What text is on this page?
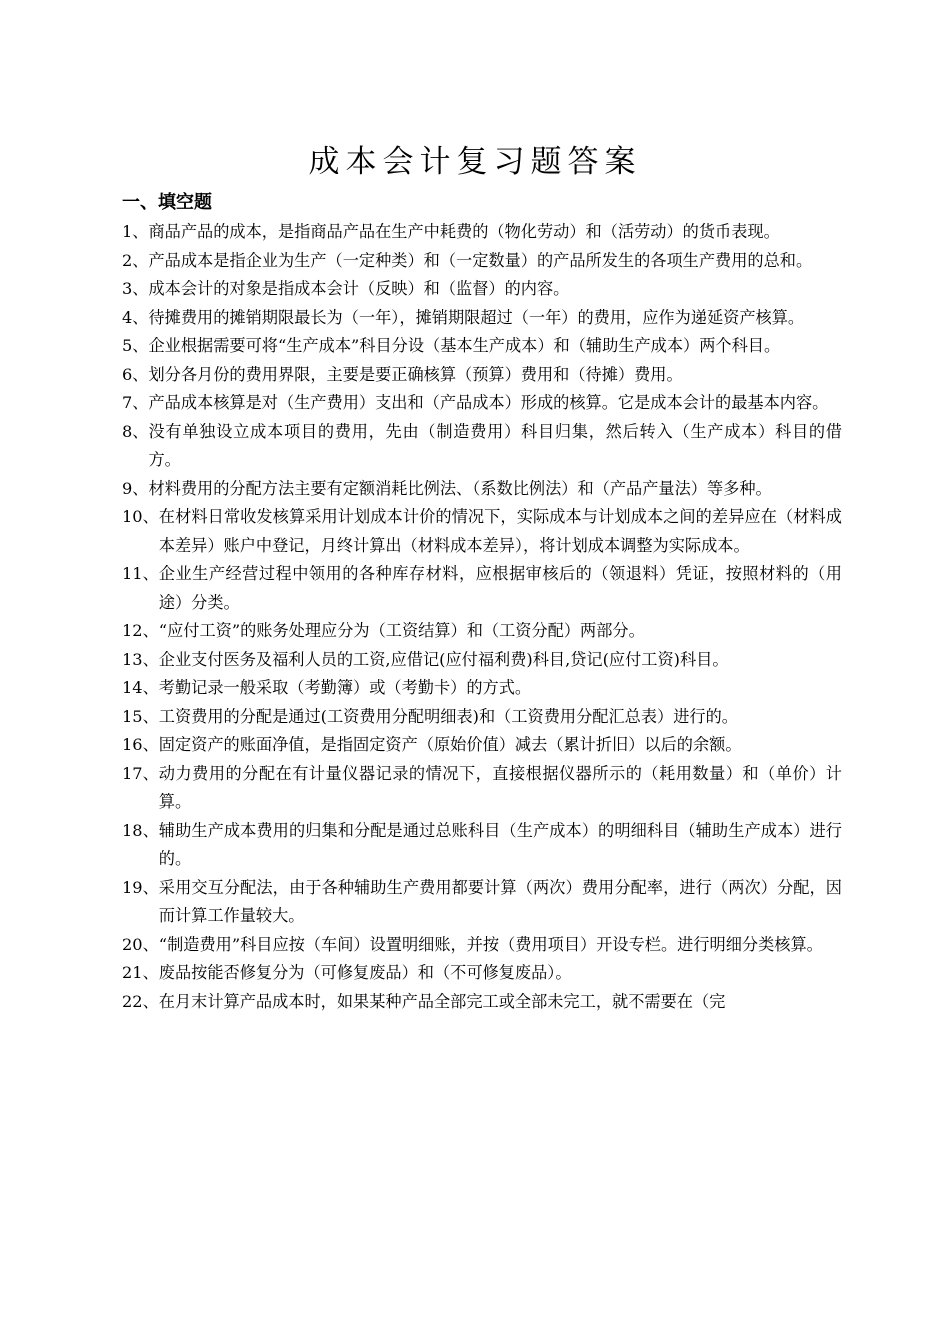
成本会计复习题答案
一、填空题
1、 商品产品的成本，是指商品产品在生产中耗费的（物化劳动）和（活劳动）的货币表现。
2、 产品成本是指企业为生产（一定种类）和（一定数量）的产品所发生的各项生产费用的总和。
3、 成本会计的对象是指成本会计（反映）和（监督）的内容。
4、 待摊费用的摊销期限最长为（一年），摊销期限超过（一年）的费用，应作为递延资产核算。
5、 企业根据需要可将“生产成本”科目分设（基本生产成本）和（辅助生产成本）两个科目。
6、 划分各月份的费用界限，主要是要正确核算（预算）费用和（待摊）费用。
7、 产品成本核算是对（生产费用）支出和（产品成本）形成的核算。它是成本会计的最基本内容。
8、 没有单独设立成本项目的费用，先由（制造费用）科目归集，然后转入（生产成本）科目的借方。
9、 材料费用的分配方法主要有定额消耗比例法、（系数比例法）和（产品产量法）等多种。
10、 在材料日常收发核算采用计划成本计价的情况下，实际成本与计划成本之间的差异应在（材料成本差异）账户中登记，月终计算出（材料成本差异），将计划成本调整为实际成本。
11、 企业生产经营过程中领用的各种库存材料，应根据审核后的（领退料）凭证，按照材料的（用途）分类。
12、 “应付工资”的账务处理应分为（工资结算）和（工资分配）两部分。
13、 企业支付医务及福利人员的工资,应借记(应付福利费)科目,贷记(应付工资)科目。
14、 考勤记录一般采取（考勤簿）或（考勤卡）的方式。
15、 工资费用的分配是通过(工资费用分配明细表)和（工资费用分配汇总表）进行的。
16、 固定资产的账面净值，是指固定资产（原始价值）减去（累计折旧）以后的余额。
17、 动力费用的分配在有计量仪器记录的情况下，直接根据仪器所示的（耗用数量）和（单价）计算。
18、 辅助生产成本费用的归集和分配是通过总账科目（生产成本）的明细科目（辅助生产成本）进行的。
19、 采用交互分配法，由于各种辅助生产费用都要计算（两次）费用分配率，进行（两次）分配，因而计算工作量较大。
20、 “制造费用”科目应按（车间）设置明细账，并按（费用项目）开设专栏。进行明细分类核算。
21、 废品按能否修复分为（可修复废品）和（不可修复废品）。
22、 在月末计算产品成本时，如果某种产品全部完工或全部未完工，就不需要在（完
